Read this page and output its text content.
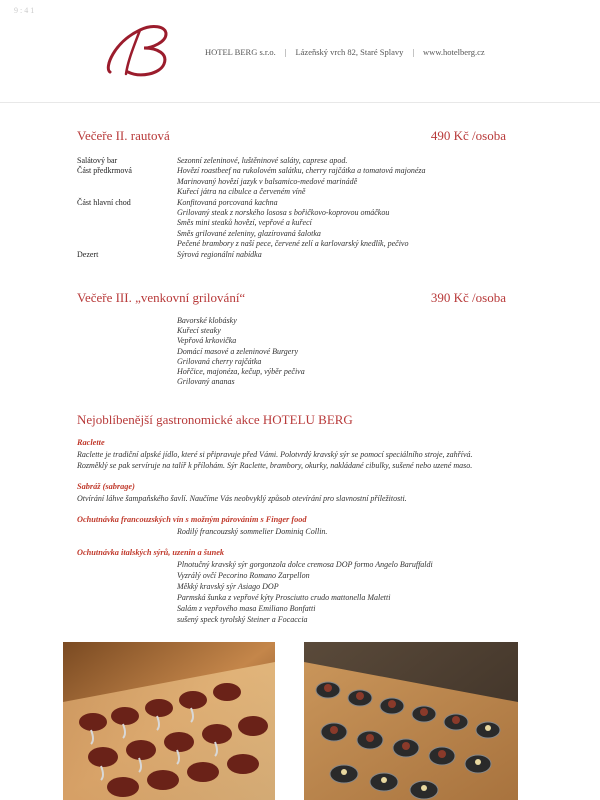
9:41
HOTEL BERG s.r.o. | Lázeňský vrch 82, Staré Splavy | www.hotelberg.cz
Večeře II. rautová	490 Kč /osoba
Salátový bar	Sezonní zeleninové, luštěninové saláty, caprese apod.
Část předkrmová	Hovězí roastbeef na rukolovém salátku, cherry rajčátka a tomatová majonéza
Marinovaný hovězí jazyk v balsamico-medové marinádě
Kuřecí játra na cibulce a červeném víně
Část hlavní chod	Konfitovaná porcovaná kachna
Grilovaný steak z norského lososa s bořičkovo-koprovou omáčkou
Směs mini steaků hovězí, vepřové a kuřecí
Směs grilované zeleniny, glazírovaná šalotka
Pečené brambory z naší pece, červené zelí a karlovarský knedlík, pečivo
Dezert	Sýrová regionální nabídka
Večeře III. „venkovní grilování“	390 Kč /osoba
Bavorské klobásky
Kuřecí steaky
Vepřová krkovička
Domácí masové a zeleninové Burgery
Grilovaná cherry rajčátka
Hořčice, majonéza, kečup, výběr pečiva
Grilovaný ananas
Nejoblíbenější gastronomické akce HOTELU BERG
Raclette
Raclette je tradiční alpské jídlo, které si připravuje před Vámi. Polotvrdý kravský sýr se pomocí speciálního stroje, zahřívá.
Rozměklý se pak servíruje na talíř k přílohám. Sýr Raclette, brambory, okurky, nakládané cibulky, sušené nebo uzené maso.
Sabráž (sabrage)
Otvírání láhve šampaňského šavlí. Naučíme Vás neobvyklý způsob otevírání pro slavnostní příležitosti.
Ochutnávka francouzských vín s možným párováním s Finger food
Rodilý francouzský sommelier Dominiq Collin.
Ochutnávka italských sýrů, uzenin a šunek
Plnotučný kravský sýr gorgonzola dolce cremosa DOP formo Angelo Baruffaldi
Vyzrálý ovčí Pecorino Romano Zarpellon
Měkký kravský sýr Asiago DOP
Parmská šunka z vepřové kýty Prosciutto crudo mattonella Maletti
Salám z vepřového masa Emiliano Bonfatti
sušený speck tyrolský Steiner a Focaccia
